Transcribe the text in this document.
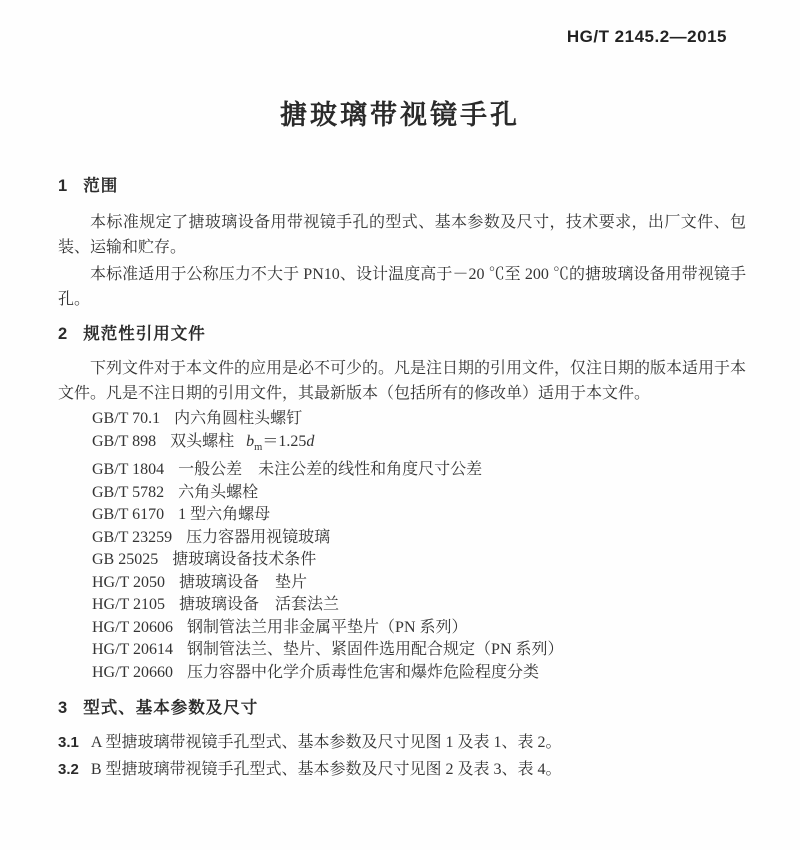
HG/T 2145.2—2015
搪玻璃带视镜手孔
1 范围

本标准规定了搪玻璃设备用带视镜手孔的型式、基本参数及尺寸，技术要求，出厂文件、包装、运输和贮存。

本标准适用于公称压力不大于 PN10、设计温度高于－20 ℃至 200 ℃的搪玻璃设备用带视镜手孔。

2 规范性引用文件

下列文件对于本文件的应用是必不可少的。凡是注日期的引用文件，仅注日期的版本适用于本文件。凡是不注日期的引用文件，其最新版本（包括所有的修改单）适用于本文件。

GB/T 70.1 内六角圆柱头螺钉
GB/T 898 双头螺柱 $b_m=1.25d$
GB/T 1804 一般公差　未注公差的线性和角度尺寸公差
GB/T 5782 六角头螺栓
GB/T 6170 1 型六角螺母
GB/T 23259 压力容器用视镜玻璃
GB 25025 搪玻璃设备技术条件
HG/T 2050 搪玻璃设备　垫片
HG/T 2105 搪玻璃设备　活套法兰
HG/T 20606 钢制管法兰用非金属平垫片（PN 系列）
HG/T 20614 钢制管法兰、垫片、紧固件选用配合规定（PN 系列）
HG/T 20660 压力容器中化学介质毒性危害和爆炸危险程度分类
3 型式、基本参数及尺寸

3.1 A 型搪玻璃带视镜手孔型式、基本参数及尺寸见图 1 及表 1、表 2。

3.2 B 型搪玻璃带视镜手孔型式、基本参数及尺寸见图 2 及表 3、表 4。
